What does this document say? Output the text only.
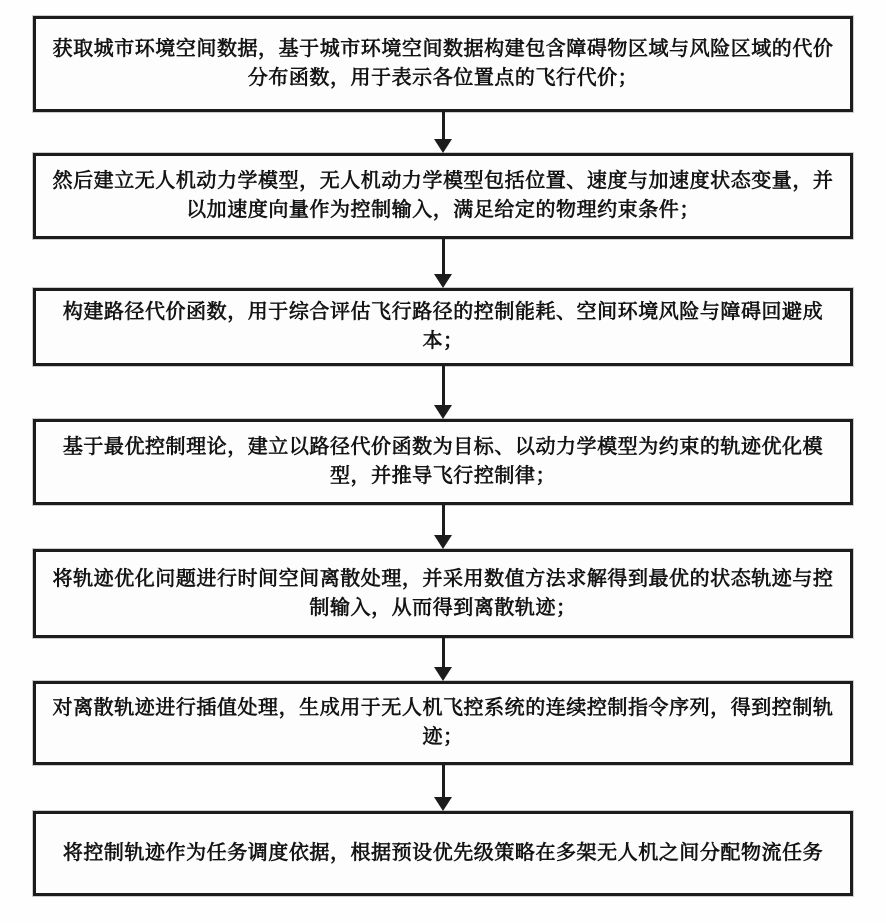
获取城市环境空间数据，基于城市环境空间数据构建包含障碍物区域与风险区域的代价分布函数，用于表示各位置点的飞行代价；
然后建立无人机动力学模型，无人机动力学模型包括位置、速度与加速度状态变量，并以加速度向量作为控制输入，满足给定的物理约束条件；
构建路径代价函数，用于综合评估飞行路径的控制能耗、空间环境风险与障碍回避成本；
基于最优控制理论，建立以路径代价函数为目标、以动力学模型为约束的轨迹优化模型，并推导飞行控制律；
将轨迹优化问题进行时间空间离散处理，并采用数值方法求解得到最优的状态轨迹与控制输入，从而得到离散轨迹；
对离散轨迹进行插值处理，生成用于无人机飞控系统的连续控制指令序列，得到控制轨迹；
将控制轨迹作为任务调度依据，根据预设优先级策略在多架无人机之间分配物流任务
